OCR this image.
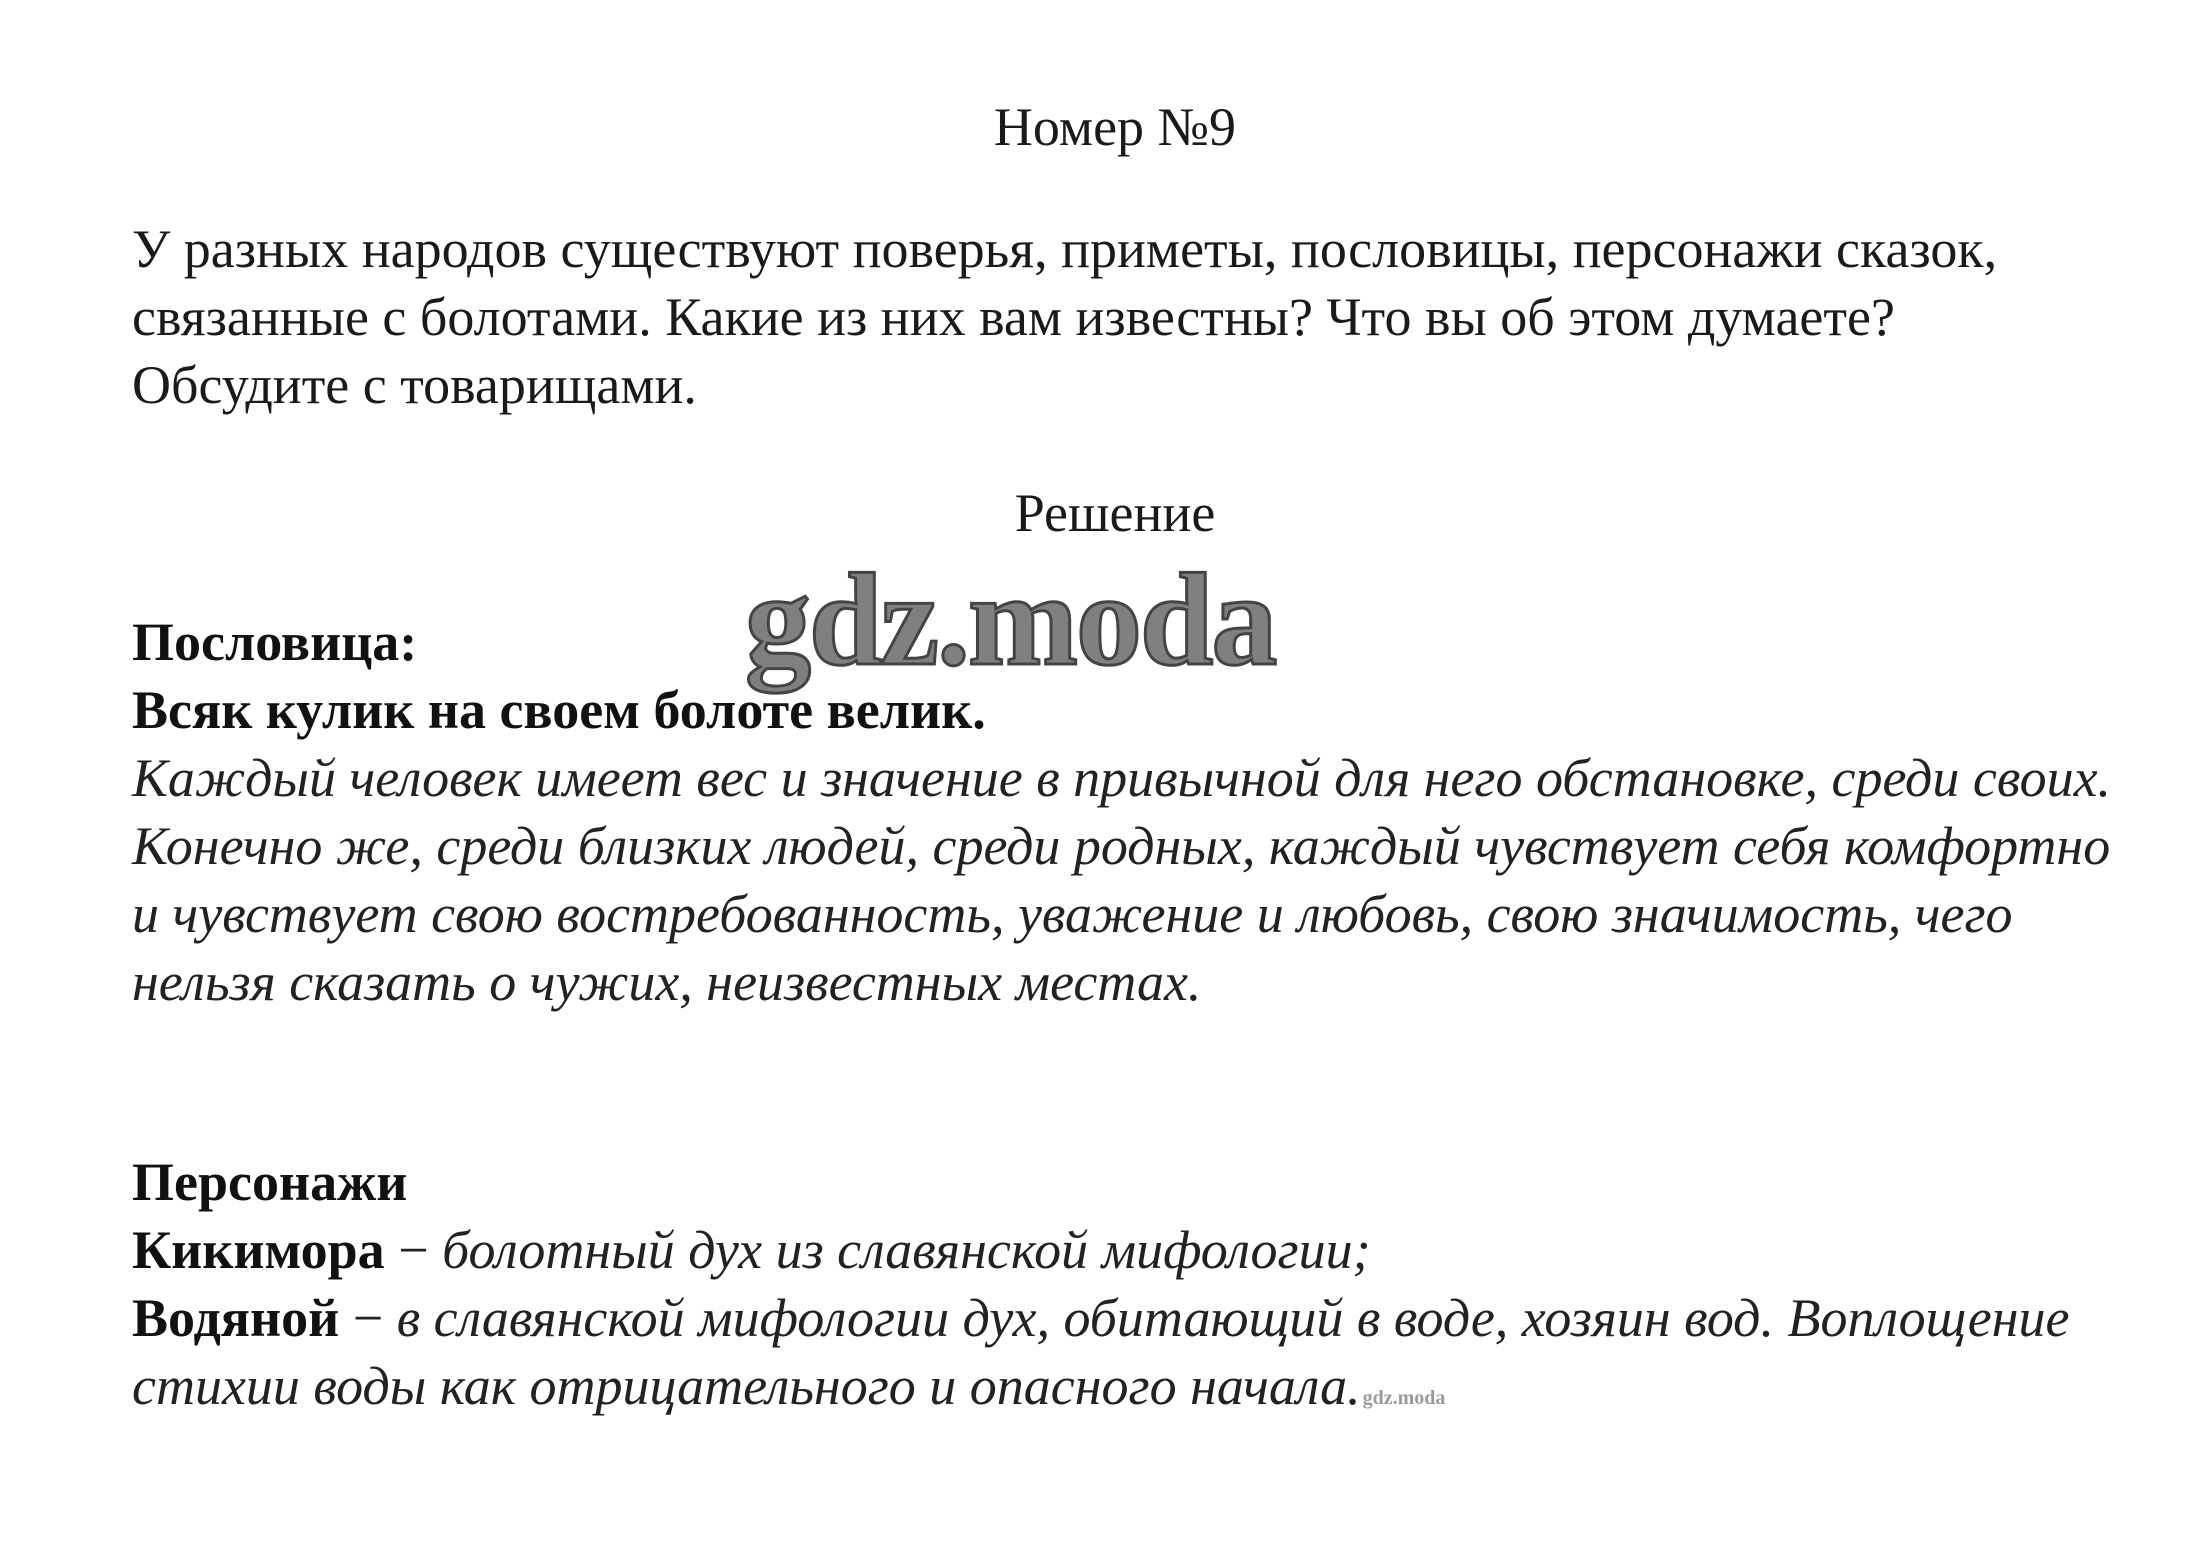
Номер №9
У разных народов существуют поверья, приметы, пословицы, персонажи сказок, связанные с болотами. Какие из них вам известны? Что вы об этом думаете? Обсудите с товарищами.
Решение
gdz.moda
Пословица:
Всяк кулик на своем болоте велик.
Каждый человек имеет вес и значение в привычной для него обстановке, среди своих. Конечно же, среди близких людей, среди родных, каждый чувствует себя комфортно и чувствует свою востребованность, уважение и любовь, свою значимость, чего нельзя сказать о чужих, неизвестных местах.
Персонажи
Кикимора − болотный дух из славянской мифологии;
Водяной − в славянской мифологии дух, обитающий в воде, хозяин вод. Воплощение стихии воды как отрицательного и опасного начала. gdz.moda
